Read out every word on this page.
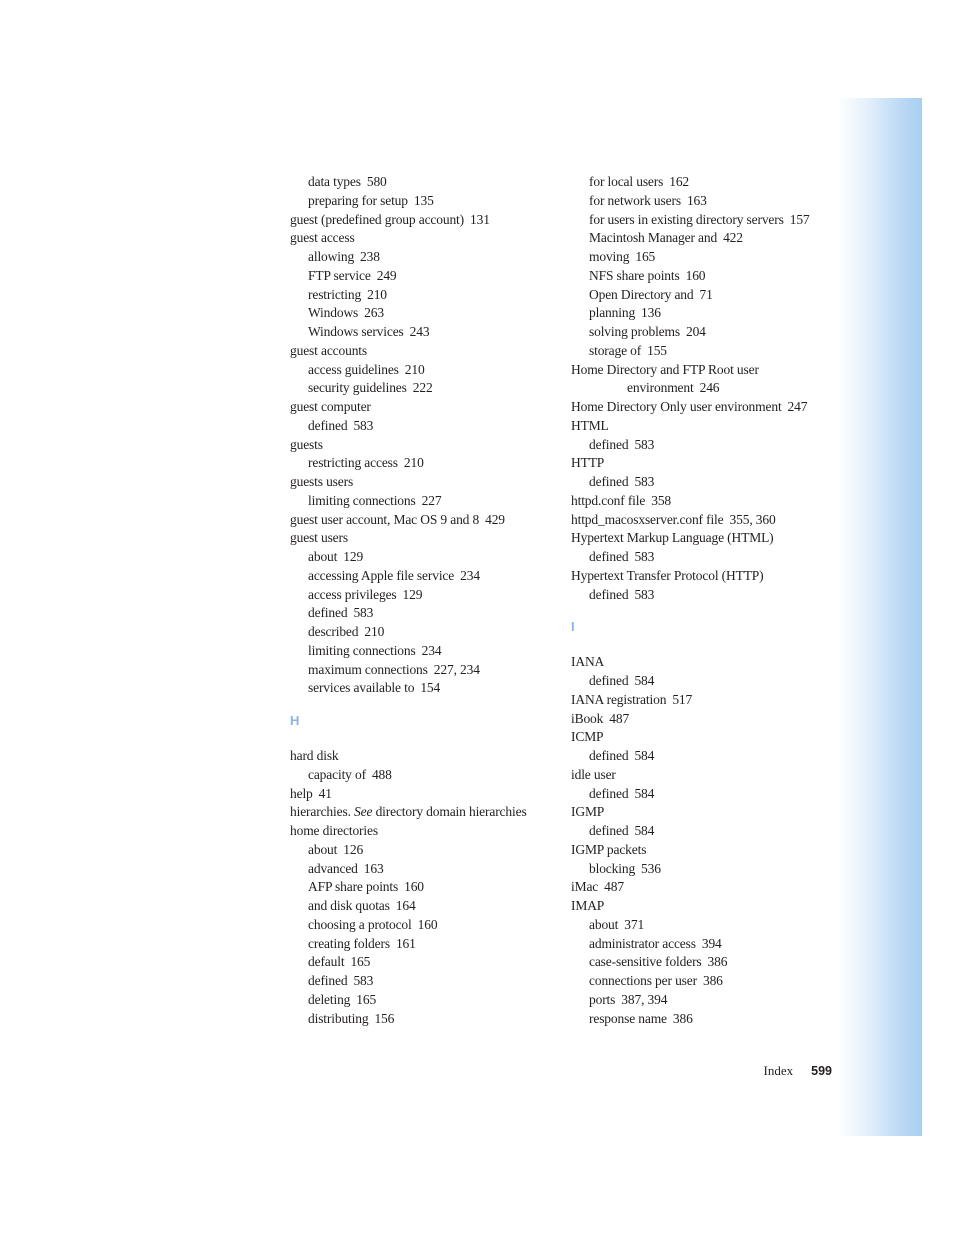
data types 580
preparing for setup 135
guest (predefined group account) 131
guest access
allowing 238
FTP service 249
restricting 210
Windows 263
Windows services 243
guest accounts
access guidelines 210
security guidelines 222
guest computer
defined 583
guests
restricting access 210
guests users
limiting connections 227
guest user account, Mac OS 9 and 8 429
guest users
about 129
accessing Apple file service 234
access privileges 129
defined 583
described 210
limiting connections 234
maximum connections 227, 234
services available to 154
H
hard disk
capacity of 488
help 41
hierarchies. See directory domain hierarchies
home directories
about 126
advanced 163
AFP share points 160
and disk quotas 164
choosing a protocol 160
creating folders 161
default 165
defined 583
deleting 165
distributing 156
for local users 162
for network users 163
for users in existing directory servers 157
Macintosh Manager and 422
moving 165
NFS share points 160
Open Directory and 71
planning 136
solving problems 204
storage of 155
Home Directory and FTP Root user
environment 246
Home Directory Only user environment 247
HTML
defined 583
HTTP
defined 583
httpd.conf file 358
httpd_macosxserver.conf file 355, 360
Hypertext Markup Language (HTML)
defined 583
Hypertext Transfer Protocol (HTTP)
defined 583
I
IANA
defined 584
IANA registration 517
iBook 487
ICMP
defined 584
idle user
defined 584
IGMP
defined 584
IGMP packets
blocking 536
iMac 487
IMAP
about 371
administrator access 394
case-sensitive folders 386
connections per user 386
ports 387, 394
response name 386
Index 599
